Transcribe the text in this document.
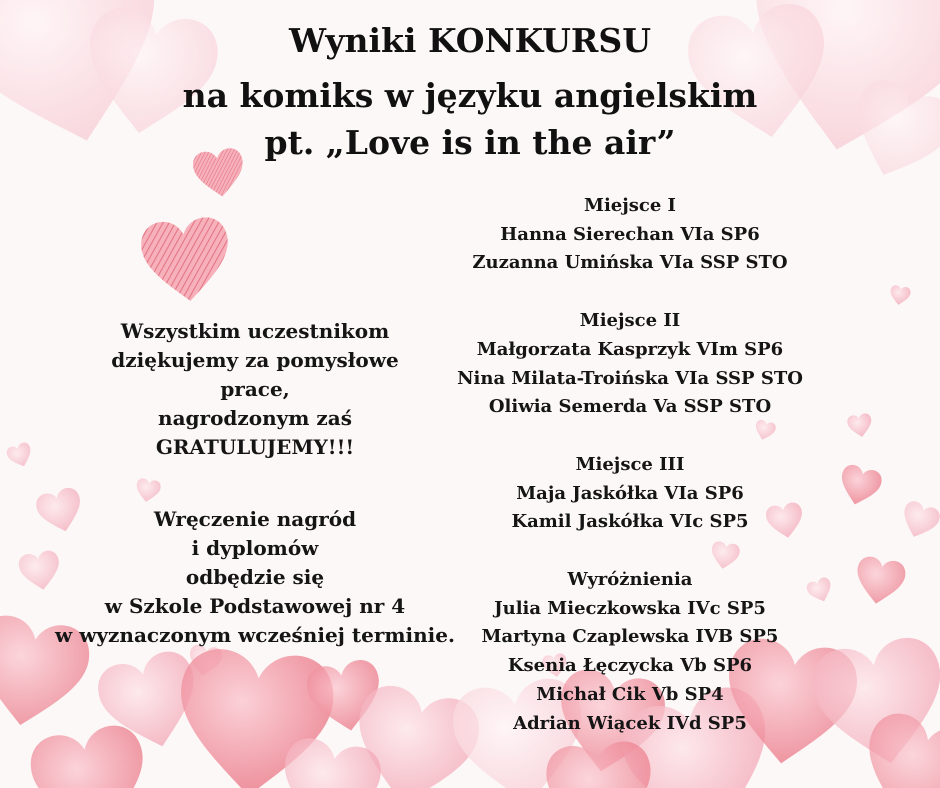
Wyniki KONKURSU
na komiks w języku angielskim
pt. „Love is in the air”
Wszystkim uczestnikom
dziękujemy za pomysłowe
prace,
nagrodzonym zaś
GRATULUJEMY!!!
Wręczenie nagród
i dyplomów
odbędzie się
w Szkole Podstawowej nr 4
w wyznaczonym wcześniej terminie.
Miejsce I
Hanna Sierechan VIa SP6
Zuzanna Umińska VIa SSP STO
Miejsce II
Małgorzata Kasprzyk VIm SP6
Nina Milata-Troińska VIa SSP STO
Oliwia Semerda Va SSP STO
Miejsce III
Maja Jaskółka VIa SP6
Kamil Jaskółka VIc SP5
Wyróżnienia
Julia Mieczkowska IVc SP5
Martyna Czaplewska IVB SP5
Ksenia Łęczycka Vb SP6
Michał Cik Vb SP4
Adrian Wiącek IVd SP5
